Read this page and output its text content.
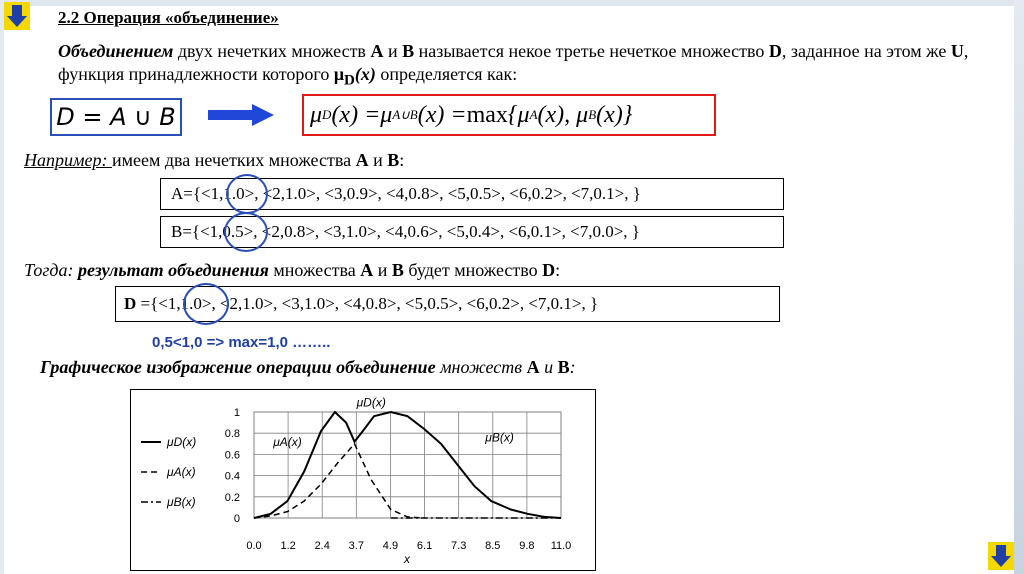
2.2 Операция «объединение»
Объединением двух нечетких множеств A и B называется некое третье нечеткое множество D, заданное на этом же U, функция принадлежности которого $\mu_D(x)$ определяется как:
D = A ∪ B	μ D (x) = μ A∪B (x) = max {μ A (x), μ B (x)}
Например: имеем два нечетких множества A и B:
A={<1,1.0>, <2,1.0>, <3,0.9>, <4,0.8>, <5,0.5>, <6,0.2>, <7,0.1>, }
B={<1,0.5>, <2,0.8>, <3,1.0>, <4,0.6>, <5,0.4>, <6,0.1>, <7,0.0>, }
Тогда: результат объединения множества A и B будет множество D:
D ={<1,1.0>, <2,1.0>, <3,1.0>, <4,0.8>, <5,0.5>, <6,0.2>, <7,0.1>, }
0,5<1,0 => max=1,0 ……..
Графическое изображение операции объединение множеств A и B:
0.0 1.2 2.4 3.7 4.9 6.1 7.3 8.5 9.8 11.0
0
0.2
0.4
0.6
0.8
1
x
μD(x)
μA(x)
μB(x)
μD(x)
μA(x)	μB(x)
